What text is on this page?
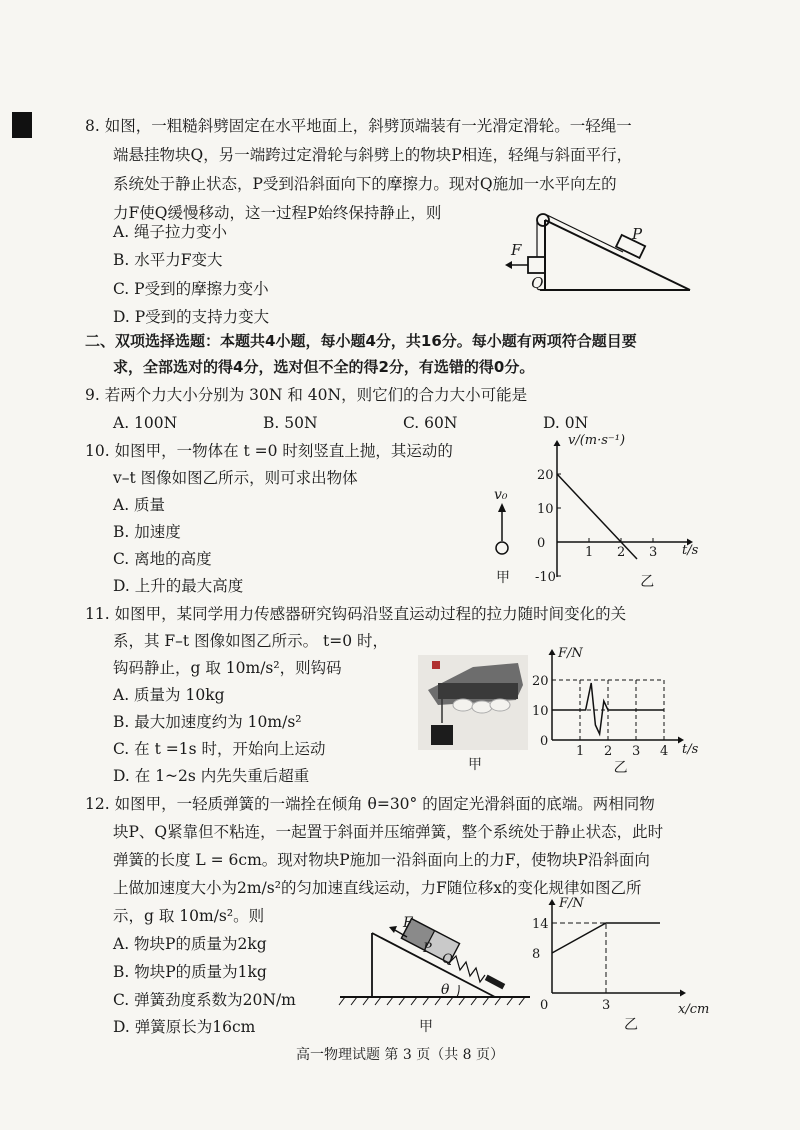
8. 如图，一粗糙斜劈固定在水平地面上，斜劈顶端装有一光滑定滑轮。一轻绳一
端悬挂物块Q，另一端跨过定滑轮与斜劈上的物块P相连，轻绳与斜面平行，
系统处于静止状态，P受到沿斜面向下的摩擦力。现对Q施加一水平向左的
力F使Q缓慢移动，这一过程P始终保持静止，则
A. 绳子拉力变小
B. 水平力F变大
C. P受到的摩擦力变小
D. P受到的支持力变大
F
P
Q
二、双项选择选题：本题共4小题，每小题4分，共16分。每小题有两项符合题目要
求，全部选对的得4分，选对但不全的得2分，有选错的得0分。
9. 若两个力大小分别为 30N 和 40N，则它们的合力大小可能是
A. 100N	B. 50N	C. 60N	D. 0N
10. 如图甲，一物体在 t =0 时刻竖直上抛，其运动的
v–t 图像如图乙所示，则可求出物体
A. 质量
B. 加速度
C. 离地的高度
D. 上升的最大高度
v₀
甲
v/(m·s⁻¹)
t/s
1 2 3
20
10
0
-10	乙
11. 如图甲，某同学用力传感器研究钩码沿竖直运动过程的拉力随时间变化的关
系，其 F–t 图像如图乙所示。 t=0 时，
钩码静止，g 取 10m/s²，则钩码
A. 质量为 10kg
B. 最大加速度约为 10m/s²
C. 在 t =1s 时，开始向上运动
D. 在 1~2s 内先失重后超重
甲
F/N
t/s
1 2 3 4
20
10
0
乙
12. 如图甲，一轻质弹簧的一端拴在倾角 θ=30° 的固定光滑斜面的底端。两相同物
块P、Q紧靠但不粘连，一起置于斜面并压缩弹簧，整个系统处于静止状态，此时
弹簧的长度 L = 6cm。现对物块P施加一沿斜面向上的力F，使物块P沿斜面向
上做加速度大小为2m/s²的匀加速直线运动，力F随位移x的变化规律如图乙所
示，g 取 10m/s²。则
A. 物块P的质量为2kg
B. 物块P的质量为1kg
C. 弹簧劲度系数为20N/m
D. 弹簧原长为16cm
P
Q
F
θ
甲
F/N
x/cm
0	3
14
8
乙
高一物理试题 第 3 页（共 8 页）
